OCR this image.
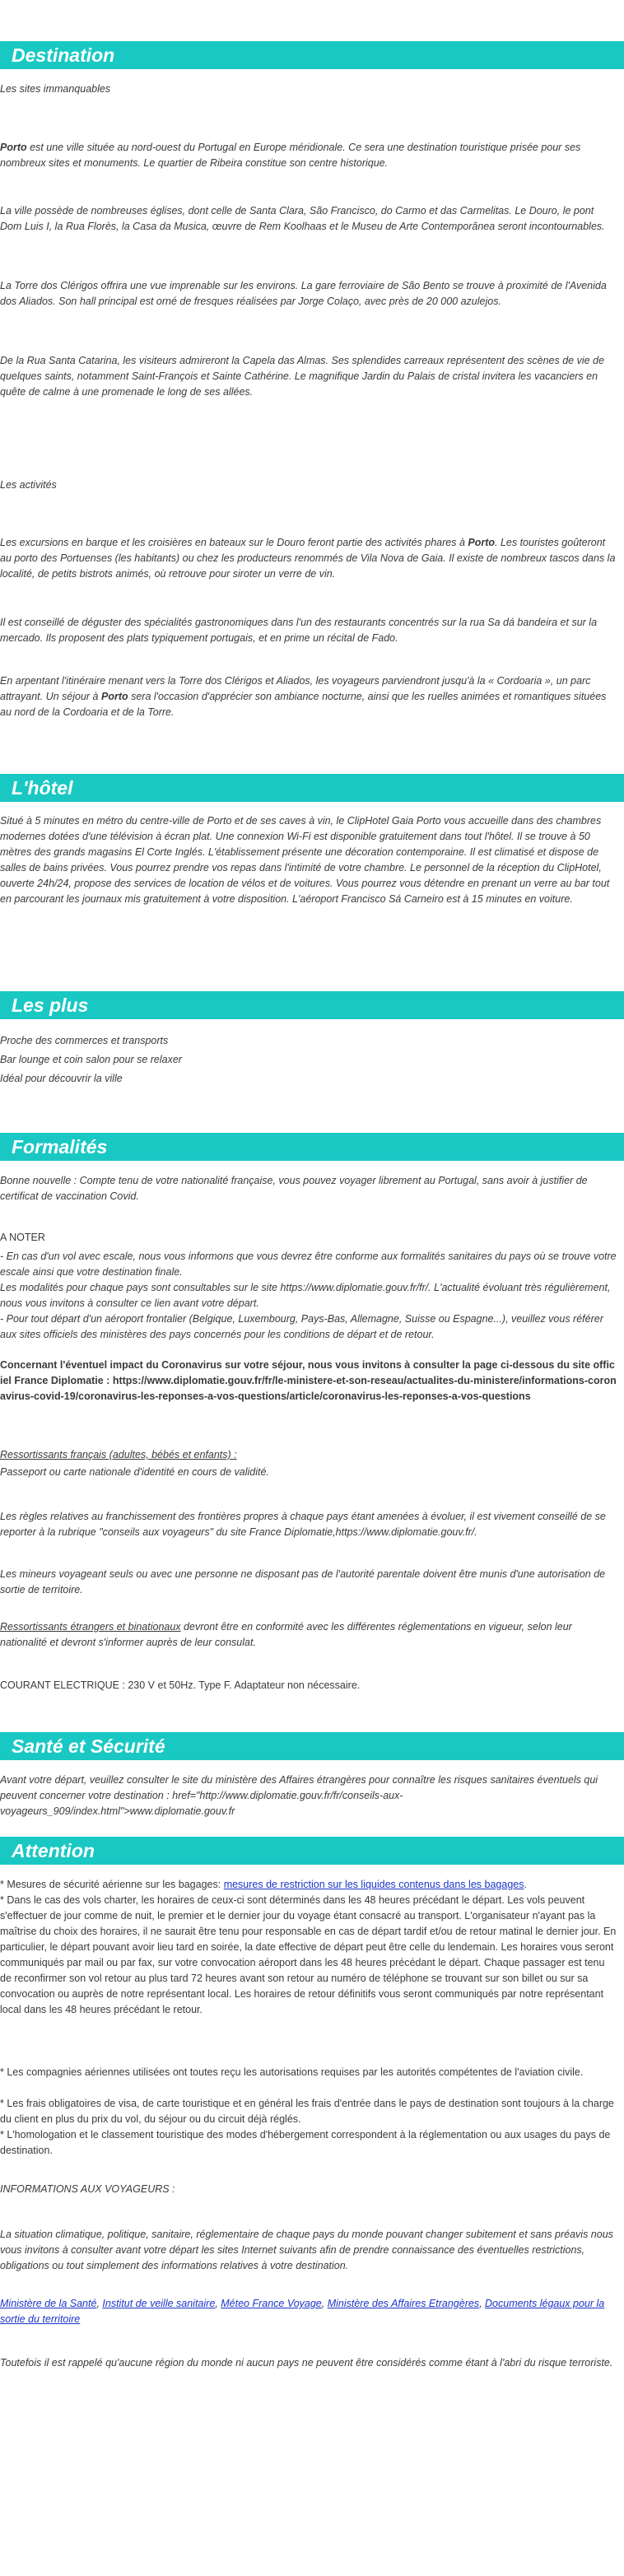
Destination

Les sites immanquables

Porto est une ville située au nord-ouest du Portugal en Europe méridionale. Ce sera une destination touristique prisée pour ses nombreux sites et monuments. Le quartier de Ribeira constitue son centre historique.

La ville possède de nombreuses églises, dont celle de Santa Clara, São Francisco, do Carmo et das Carmelitas. Le Douro, le pont Dom Luis I, la Rua Florès, la Casa da Musica, œuvre de Rem Koolhaas et le Museu de Arte Contemporânea seront incontournables.

La Torre dos Clérigos offrira une vue imprenable sur les environs. La gare ferroviaire de São Bento se trouve à proximité de l'Avenida dos Aliados. Son hall principal est orné de fresques réalisées par Jorge Colaço, avec près de 20 000 azulejos.

De la Rua Santa Catarina, les visiteurs admireront la Capela das Almas. Ses splendides carreaux représentent des scènes de vie de quelques saints, notamment Saint-François et Sainte Cathérine. Le magnifique Jardin du Palais de cristal invitera les vacanciers en quête de calme à une promenade le long de ses allées.

Les activités

Les excursions en barque et les croisières en bateaux sur le Douro feront partie des activités phares à Porto. Les touristes goûteront au porto des Portuenses (les habitants) ou chez les producteurs renommés de Vila Nova de Gaia. Il existe de nombreux tascos dans la localité, de petits bistrots animés, où retrouve pour siroter un verre de vin.

Il est conseillé de déguster des spécialités gastronomiques dans l'un des restaurants concentrés sur la rua Sa dá bandeira et sur la mercado. Ils proposent des plats typiquement portugais, et en prime un récital de Fado.

En arpentant l'itinéraire menant vers la Torre dos Clérigos et Aliados, les voyageurs parviendront jusqu'à la « Cordoaria », un parc attrayant. Un séjour à Porto sera l'occasion d'apprécier son ambiance nocturne, ainsi que les ruelles animées et romantiques situées au nord de la Cordoaria et de la Torre.

L'hôtel

Situé à 5 minutes en métro du centre-ville de Porto et de ses caves à vin, le ClipHotel Gaia Porto vous accueille dans des chambres modernes dotées d'une télévision à écran plat. Une connexion Wi-Fi est disponible gratuitement dans tout l'hôtel. Il se trouve à 50 mètres des grands magasins El Corte Inglés. L'établissement présente une décoration contemporaine. Il est climatisé et dispose de salles de bains privées. Vous pourrez prendre vos repas dans l'intimité de votre chambre. Le personnel de la réception du ClipHotel, ouverte 24h/24, propose des services de location de vélos et de voitures. Vous pourrez vous détendre en prenant un verre au bar tout en parcourant les journaux mis gratuitement à votre disposition. L'aéroport Francisco Sá Carneiro est à 15 minutes en voiture.

Les plus

Proche des commerces et transports

Bar lounge et coin salon pour se relaxer

Idéal pour découvrir la ville

Formalités

Bonne nouvelle : Compte tenu de votre nationalité française, vous pouvez voyager librement au Portugal, sans avoir à justifier de certificat de vaccination Covid.

A NOTER

- En cas d'un vol avec escale, nous vous informons que vous devrez être conforme aux formalités sanitaires du pays où se trouve votre escale ainsi que votre destination finale.

Les modalités pour chaque pays sont consultables sur le site https://www.diplomatie.gouv.fr/fr/. L'actualité évoluant très régulièrement, nous vous invitons à consulter ce lien avant votre départ.

- Pour tout départ d'un aéroport frontalier (Belgique, Luxembourg, Pays-Bas, Allemagne, Suisse ou Espagne...), veuillez vous référer aux sites officiels des ministères des pays concernés pour les conditions de départ et de retour.

Concernant l'éventuel impact du Coronavirus sur votre séjour, nous vous invitons à consulter la page ci-dessous du site officiel France Diplomatie : https://www.diplomatie.gouv.fr/fr/le-ministere-et-son-reseau/actualites-du-ministere/informations-coronavirus-covid-19/coronavirus-les-reponses-a-vos-questions/article/coronavirus-les-reponses-a-vos-questions

Ressortissants français (adultes, bébés et enfants) :

Passeport ou carte nationale d'identité en cours de validité.

Les règles relatives au franchissement des frontières propres à chaque pays étant amenées à évoluer, il est vivement conseillé de se reporter à la rubrique "conseils aux voyageurs" du site France Diplomatie,https://www.diplomatie.gouv.fr/.

Les mineurs voyageant seuls ou avec une personne ne disposant pas de l'autorité parentale doivent être munis d'une autorisation de sortie de territoire.

Ressortissants étrangers et binationaux devront être en conformité avec les différentes réglementations en vigueur, selon leur nationalité et devront s'informer auprès de leur consulat.

COURANT ELECTRIQUE : 230 V et 50Hz. Type F. Adaptateur non nécessaire.

Santé et Sécurité

Avant votre départ, veuillez consulter le site du ministère des Affaires étrangères pour connaître les risques sanitaires éventuels qui peuvent concerner votre destination : href="http://www.diplomatie.gouv.fr/fr/conseils-aux-voyageurs_909/index.html">www.diplomatie.gouv.fr

Attention

* Mesures de sécurité aérienne sur les bagages: mesures de restriction sur les liquides contenus dans les bagages.

* Dans le cas des vols charter, les horaires de ceux-ci sont déterminés dans les 48 heures précédant le départ. Les vols peuvent s'effectuer de jour comme de nuit, le premier et le dernier jour du voyage étant consacré au transport. L'organisateur n'ayant pas la maîtrise du choix des horaires, il ne saurait être tenu pour responsable en cas de départ tardif et/ou de retour matinal le dernier jour. En particulier, le départ pouvant avoir lieu tard en soirée, la date effective de départ peut être celle du lendemain. Les horaires vous seront communiqués par mail ou par fax, sur votre convocation aéroport dans les 48 heures précédant le départ. Chaque passager est tenu de reconfirmer son vol retour au plus tard 72 heures avant son retour au numéro de téléphone se trouvant sur son billet ou sur sa convocation ou auprès de notre représentant local. Les horaires de retour définitifs vous seront communiqués par notre représentant local dans les 48 heures précédant le retour.

* Les compagnies aériennes utilisées ont toutes reçu les autorisations requises par les autorités compétentes de l'aviation civile.

* Les frais obligatoires de visa, de carte touristique et en général les frais d'entrée dans le pays de destination sont toujours à la charge du client en plus du prix du vol, du séjour ou du circuit déjà réglés.

* L'homologation et le classement touristique des modes d'hébergement correspondent à la réglementation ou aux usages du pays de destination.

INFORMATIONS AUX VOYAGEURS :

La situation climatique, politique, sanitaire, réglementaire de chaque pays du monde pouvant changer subitement et sans préavis nous vous invitons à consulter avant votre départ les sites Internet suivants afin de prendre connaissance des éventuelles restrictions, obligations ou tout simplement des informations relatives à votre destination.

Ministère de la Santé, Institut de veille sanitaire, Méteo France Voyage, Ministère des Affaires Etrangères, Documents légaux pour la sortie du territoire

Toutefois il est rappelé qu'aucune région du monde ni aucun pays ne peuvent être considérés comme étant à l'abri du risque terroriste.
